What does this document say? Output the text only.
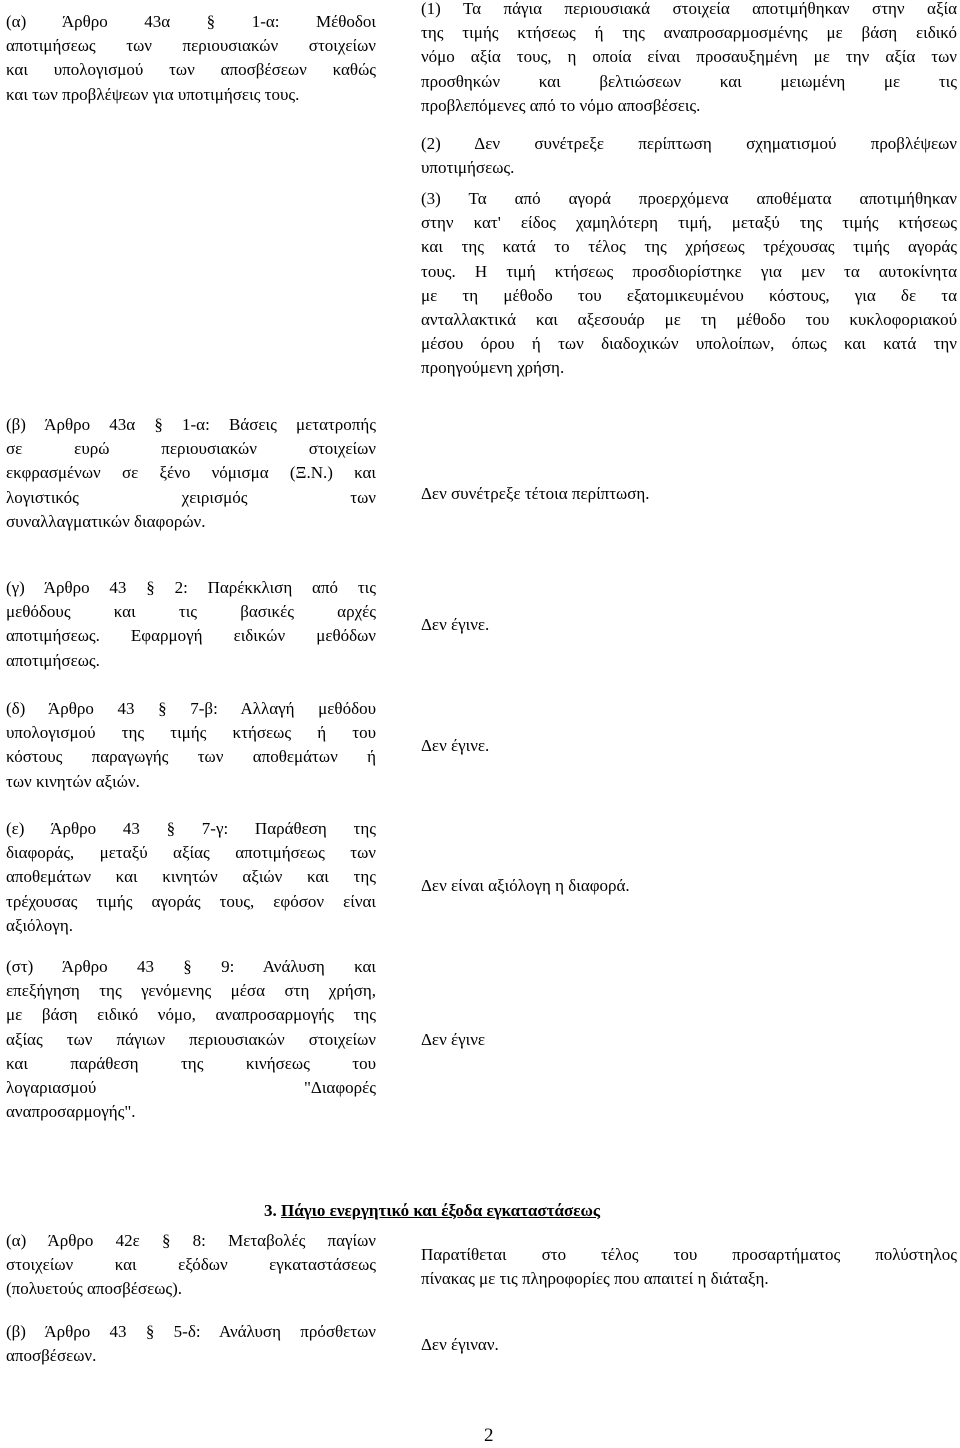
(α) Άρθρο 43α § 1-α: Μέθοδοι
αποτιμήσεως των περιουσιακών στοιχείων
και υπολογισμού των αποσβέσεων καθώς
και των προβλέψεων για υποτιμήσεις τους.
(β) Άρθρο 43α § 1-α: Βάσεις μετατροπής
σε ευρώ περιουσιακών στοιχείων
εκφρασμένων σε ξένο νόμισμα (Ξ.Ν.) και
λογιστικός χειρισμός των
συναλλαγματικών διαφορών.
(γ) Άρθρο 43 § 2: Παρέκκλιση από τις
μεθόδους και τις βασικές αρχές
αποτιμήσεως. Εφαρμογή ειδικών μεθόδων
αποτιμήσεως.
(δ) Άρθρο 43 § 7-β: Αλλαγή μεθόδου
υπολογισμού της τιμής κτήσεως ή του
κόστους παραγωγής των αποθεμάτων ή
των κινητών αξιών.
(ε) Άρθρο 43 § 7-γ: Παράθεση της
διαφοράς, μεταξύ αξίας αποτιμήσεως των
αποθεμάτων και κινητών αξιών και της
τρέχουσας τιμής αγοράς τους, εφόσον είναι
αξιόλογη.
(στ) Άρθρο 43 § 9: Ανάλυση και
επεξήγηση της γενόμενης μέσα στη χρήση,
με βάση ειδικό νόμο, αναπροσαρμογής της
αξίας των πάγιων περιουσιακών στοιχείων
και παράθεση της κινήσεως του
λογαριασμού "Διαφορές
αναπροσαρμογής".
(1) Τα πάγια περιουσιακά στοιχεία αποτιμήθηκαν στην αξία
της τιμής κτήσεως ή της αναπροσαρμοσμένης με βάση ειδικό
νόμο αξία τους, η οποία είναι προσαυξημένη με την αξία των
προσθηκών και βελτιώσεων και μειωμένη με τις
προβλεπόμενες από το νόμο αποσβέσεις.
(2) Δεν συνέτρεξε περίπτωση σχηματισμού προβλέψεων
υποτιμήσεως.
(3) Τα από αγορά προερχόμενα αποθέματα αποτιμήθηκαν
στην κατ' είδος χαμηλότερη τιμή, μεταξύ της τιμής κτήσεως
και της κατά το τέλος της χρήσεως τρέχουσας τιμής αγοράς
τους. Η τιμή κτήσεως προσδιορίστηκε για μεν τα αυτοκίνητα
με τη μέθοδο του εξατομικευμένου κόστους, για δε τα
ανταλλακτικά και αξεσουάρ με τη μέθοδο του κυκλοφοριακού
μέσου όρου ή των διαδοχικών υπολοίπων, όπως και κατά την
προηγούμενη χρήση.
Δεν συνέτρεξε τέτοια περίπτωση.
Δεν έγινε.
Δεν έγινε.
Δεν είναι αξιόλογη η διαφορά.
Δεν έγινε
3. Πάγιο ενεργητικό και έξοδα εγκαταστάσεως
(α) Άρθρο 42ε § 8: Μεταβολές παγίων
στοιχείων και εξόδων εγκαταστάσεως
(πολυετούς αποσβέσεως).
Παρατίθεται στο τέλος του προσαρτήματος πολύστηλος
πίνακας με τις πληροφορίες που απαιτεί η διάταξη.
(β) Άρθρο 43 § 5-δ: Ανάλυση πρόσθετων
αποσβέσεων.
Δεν έγιναν.
2
